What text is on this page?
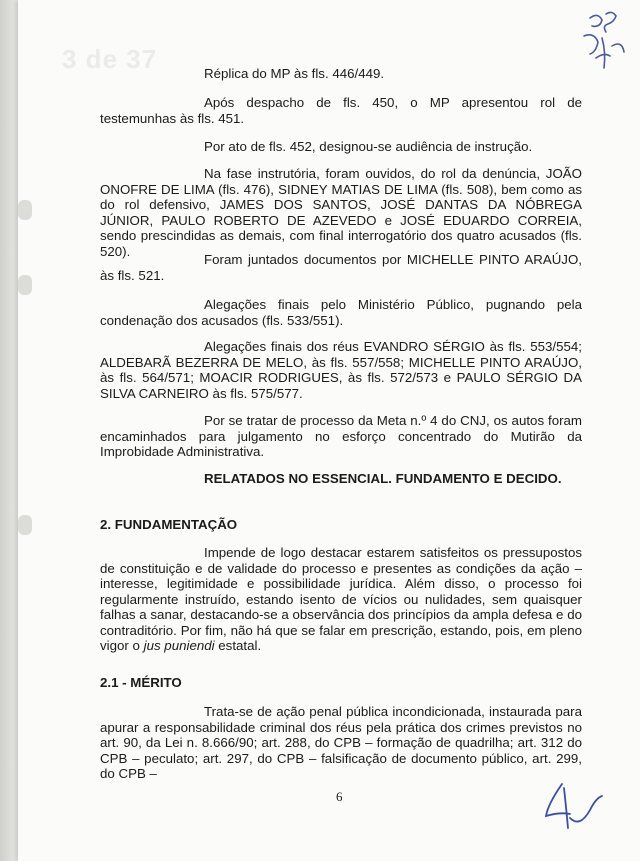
3 de 37	Réplica do MP às fls. 446/449.
Após despacho de fls. 450, o MP apresentou rol de testemunhas às fls. 451.
Por ato de fls. 452, designou-se audiência de instrução.
Na fase instrutória, foram ouvidos, do rol da denúncia, JOÃO ONOFRE DE LIMA (fls. 476), SIDNEY MATIAS DE LIMA (fls. 508), bem como as do rol defensivo, JAMES DOS SANTOS, JOSÉ DANTAS DA NÓBREGA JÚNIOR, PAULO ROBERTO DE AZEVEDO e JOSÉ EDUARDO CORREIA, sendo prescindidas as demais, com final interrogatório dos quatro acusados (fls. 520).
Foram juntados documentos por MICHELLE PINTO ARAÚJO, às fls. 521.
Alegações finais pelo Ministério Público, pugnando pela condenação dos acusados (fls. 533/551).
Alegações finais dos réus EVANDRO SÉRGIO às fls. 553/554; ALDEBARÃ BEZERRA DE MELO, às fls. 557/558; MICHELLE PINTO ARAÚJO, às fls. 564/571; MOACIR RODRIGUES, às fls. 572/573 e PAULO SÉRGIO DA SILVA CARNEIRO às fls. 575/577.
Por se tratar de processo da Meta n.º 4 do CNJ, os autos foram encaminhados para julgamento no esforço concentrado do Mutirão da Improbidade Administrativa.
RELATADOS NO ESSENCIAL. FUNDAMENTO E DECIDO.
2. FUNDAMENTAÇÃO
Impende de logo destacar estarem satisfeitos os pressupostos de constituição e de validade do processo e presentes as condições da ação – interesse, legitimidade e possibilidade jurídica. Além disso, o processo foi regularmente instruído, estando isento de vícios ou nulidades, sem quaisquer falhas a sanar, destacando-se a observância dos princípios da ampla defesa e do contraditório. Por fim, não há que se falar em prescrição, estando, pois, em pleno vigor o jus puniendi estatal.
2.1 - MÉRITO
Trata-se de ação penal pública incondicionada, instaurada para apurar a responsabilidade criminal dos réus pela prática dos crimes previstos no art. 90, da Lei n. 8.666/90; art. 288, do CPB – formação de quadrilha; art. 312 do CPB – peculato; art. 297, do CPB – falsificação de documento público, art. 299, do CPB –
6
